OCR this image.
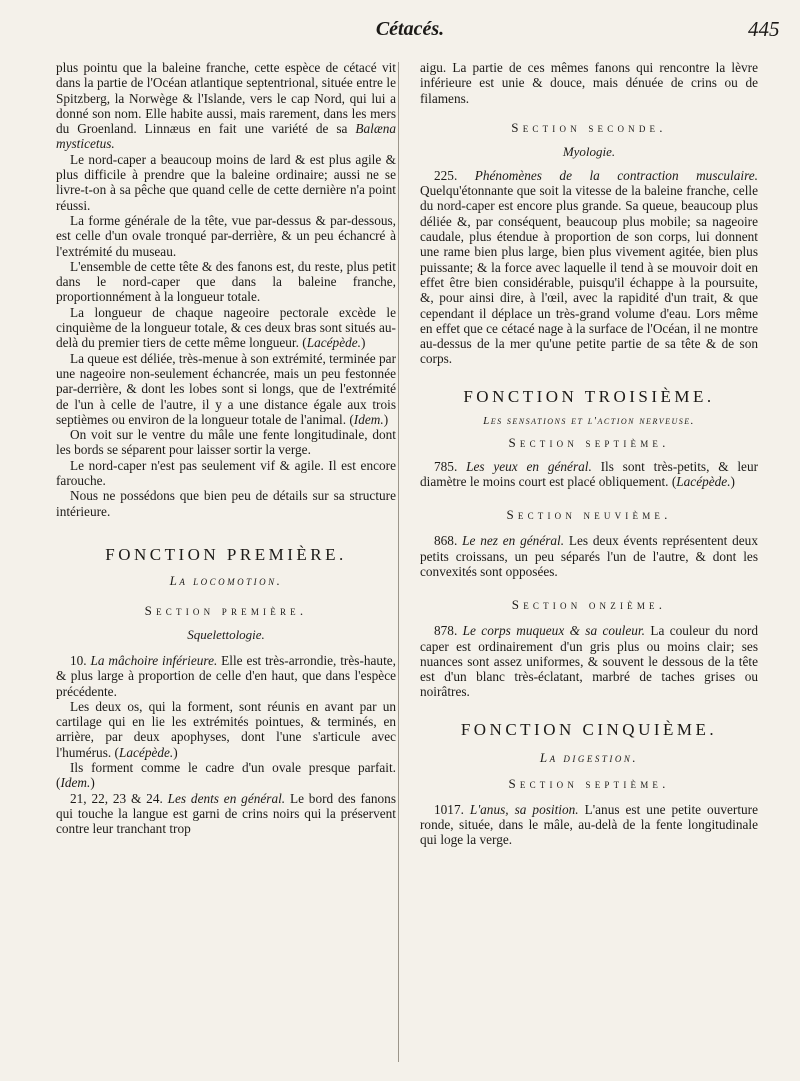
Cétacés.	445

plus pointu que la baleine franche, cette espèce de cétacé vit dans la partie de l'Océan atlantique septentrional, située entre le Spitzberg, la Norwège & l'Islande, vers le cap Nord, qui lui a donné son nom. Elle habite aussi, mais rarement, dans les mers du Groenland. Linnæus en fait une variété de sa Balæna mysticetus.

Le nord-caper a beaucoup moins de lard & est plus agile & plus difficile à prendre que la baleine ordinaire; aussi ne se livre-t-on à sa pêche que quand celle de cette dernière n'a point réussi.

La forme générale de la tête, vue par-dessus & par-dessous, est celle d'un ovale tronqué par-derrière, & un peu échancré à l'extrémité du museau.

L'ensemble de cette tête & des fanons est, du reste, plus petit dans le nord-caper que dans la baleine franche, proportionnément à la longueur totale.

La longueur de chaque nageoire pectorale excède le cinquième de la longueur totale, & ces deux bras sont situés au-delà du premier tiers de cette même longueur. (Lacépède.)

La queue est déliée, très-menue à son extrémité, terminée par une nageoire non-seulement échancrée, mais un peu festonnée par-derrière, & dont les lobes sont si longs, que de l'extrémité de l'un à celle de l'autre, il y a une distance égale aux trois septièmes ou environ de la longueur totale de l'animal. (Idem.)

On voit sur le ventre du mâle une fente longitudinale, dont les bords se séparent pour laisser sortir la verge.

Le nord-caper n'est pas seulement vif & agile. Il est encore farouche.

Nous ne possédons que bien peu de détails sur sa structure intérieure.

FONCTION PREMIÈRE.
La locomotion.
Section première.
Squelettologie.

10. La mâchoire inférieure. Elle est très-arrondie, très-haute, & plus large à proportion de celle d'en haut, que dans l'espèce précédente.

Les deux os, qui la forment, sont réunis en avant par un cartilage qui en lie les extrémités pointues, & terminés, en arrière, par deux apophyses, dont l'une s'articule avec l'humérus. (Lacépède.)

Ils forment comme le cadre d'un ovale presque parfait. (Idem.)

21, 22, 23 & 24. Les dents en général. Le bord des fanons qui touche la langue est garni de crins noirs qui la préservent contre leur tranchant trop

aigu. La partie de ces mêmes fanons qui rencontre la lèvre inférieure est unie & douce, mais dénuée de crins ou de filamens.

Section seconde.
Myologie.

225. Phénomènes de la contraction musculaire. Quelqu'étonnante que soit la vitesse de la baleine franche, celle du nord-caper est encore plus grande. Sa queue, beaucoup plus déliée &, par conséquent, beaucoup plus mobile; sa nageoire caudale, plus étendue à proportion de son corps, lui donnent une rame bien plus large, bien plus vivement agitée, bien plus puissante; & la force avec laquelle il tend à se mouvoir doit en effet être bien considérable, puisqu'il échappe à la poursuite, &, pour ainsi dire, à l'œil, avec la rapidité d'un trait, & que cependant il déplace un très-grand volume d'eau. Lors même en effet que ce cétacé nage à la surface de l'Océan, il ne montre au-dessus de la mer qu'une petite partie de sa tête & de son corps.

FONCTION TROISIÈME.
Les sensations et l'action nerveuse.
Section septième.

785. Les yeux en général. Ils sont très-petits, & leur diamètre le moins court est placé obliquement. (Lacépède.)

Section neuvième.

868. Le nez en général. Les deux évents représentent deux petits croissans, un peu séparés l'un de l'autre, & dont les convexités sont opposées.

Section onzième.

878. Le corps muqueux & sa couleur. La couleur du nord caper est ordinairement d'un gris plus ou moins clair; ses nuances sont assez uniformes, & souvent le dessous de la tête est d'un blanc très-éclatant, marbré de taches grises ou noirâtres.

FONCTION CINQUIÈME.
La digestion.
Section septième.

1017. L'anus, sa position. L'anus est une petite ouverture ronde, située, dans le mâle, au-delà de la fente longitudinale qui loge la verge.
